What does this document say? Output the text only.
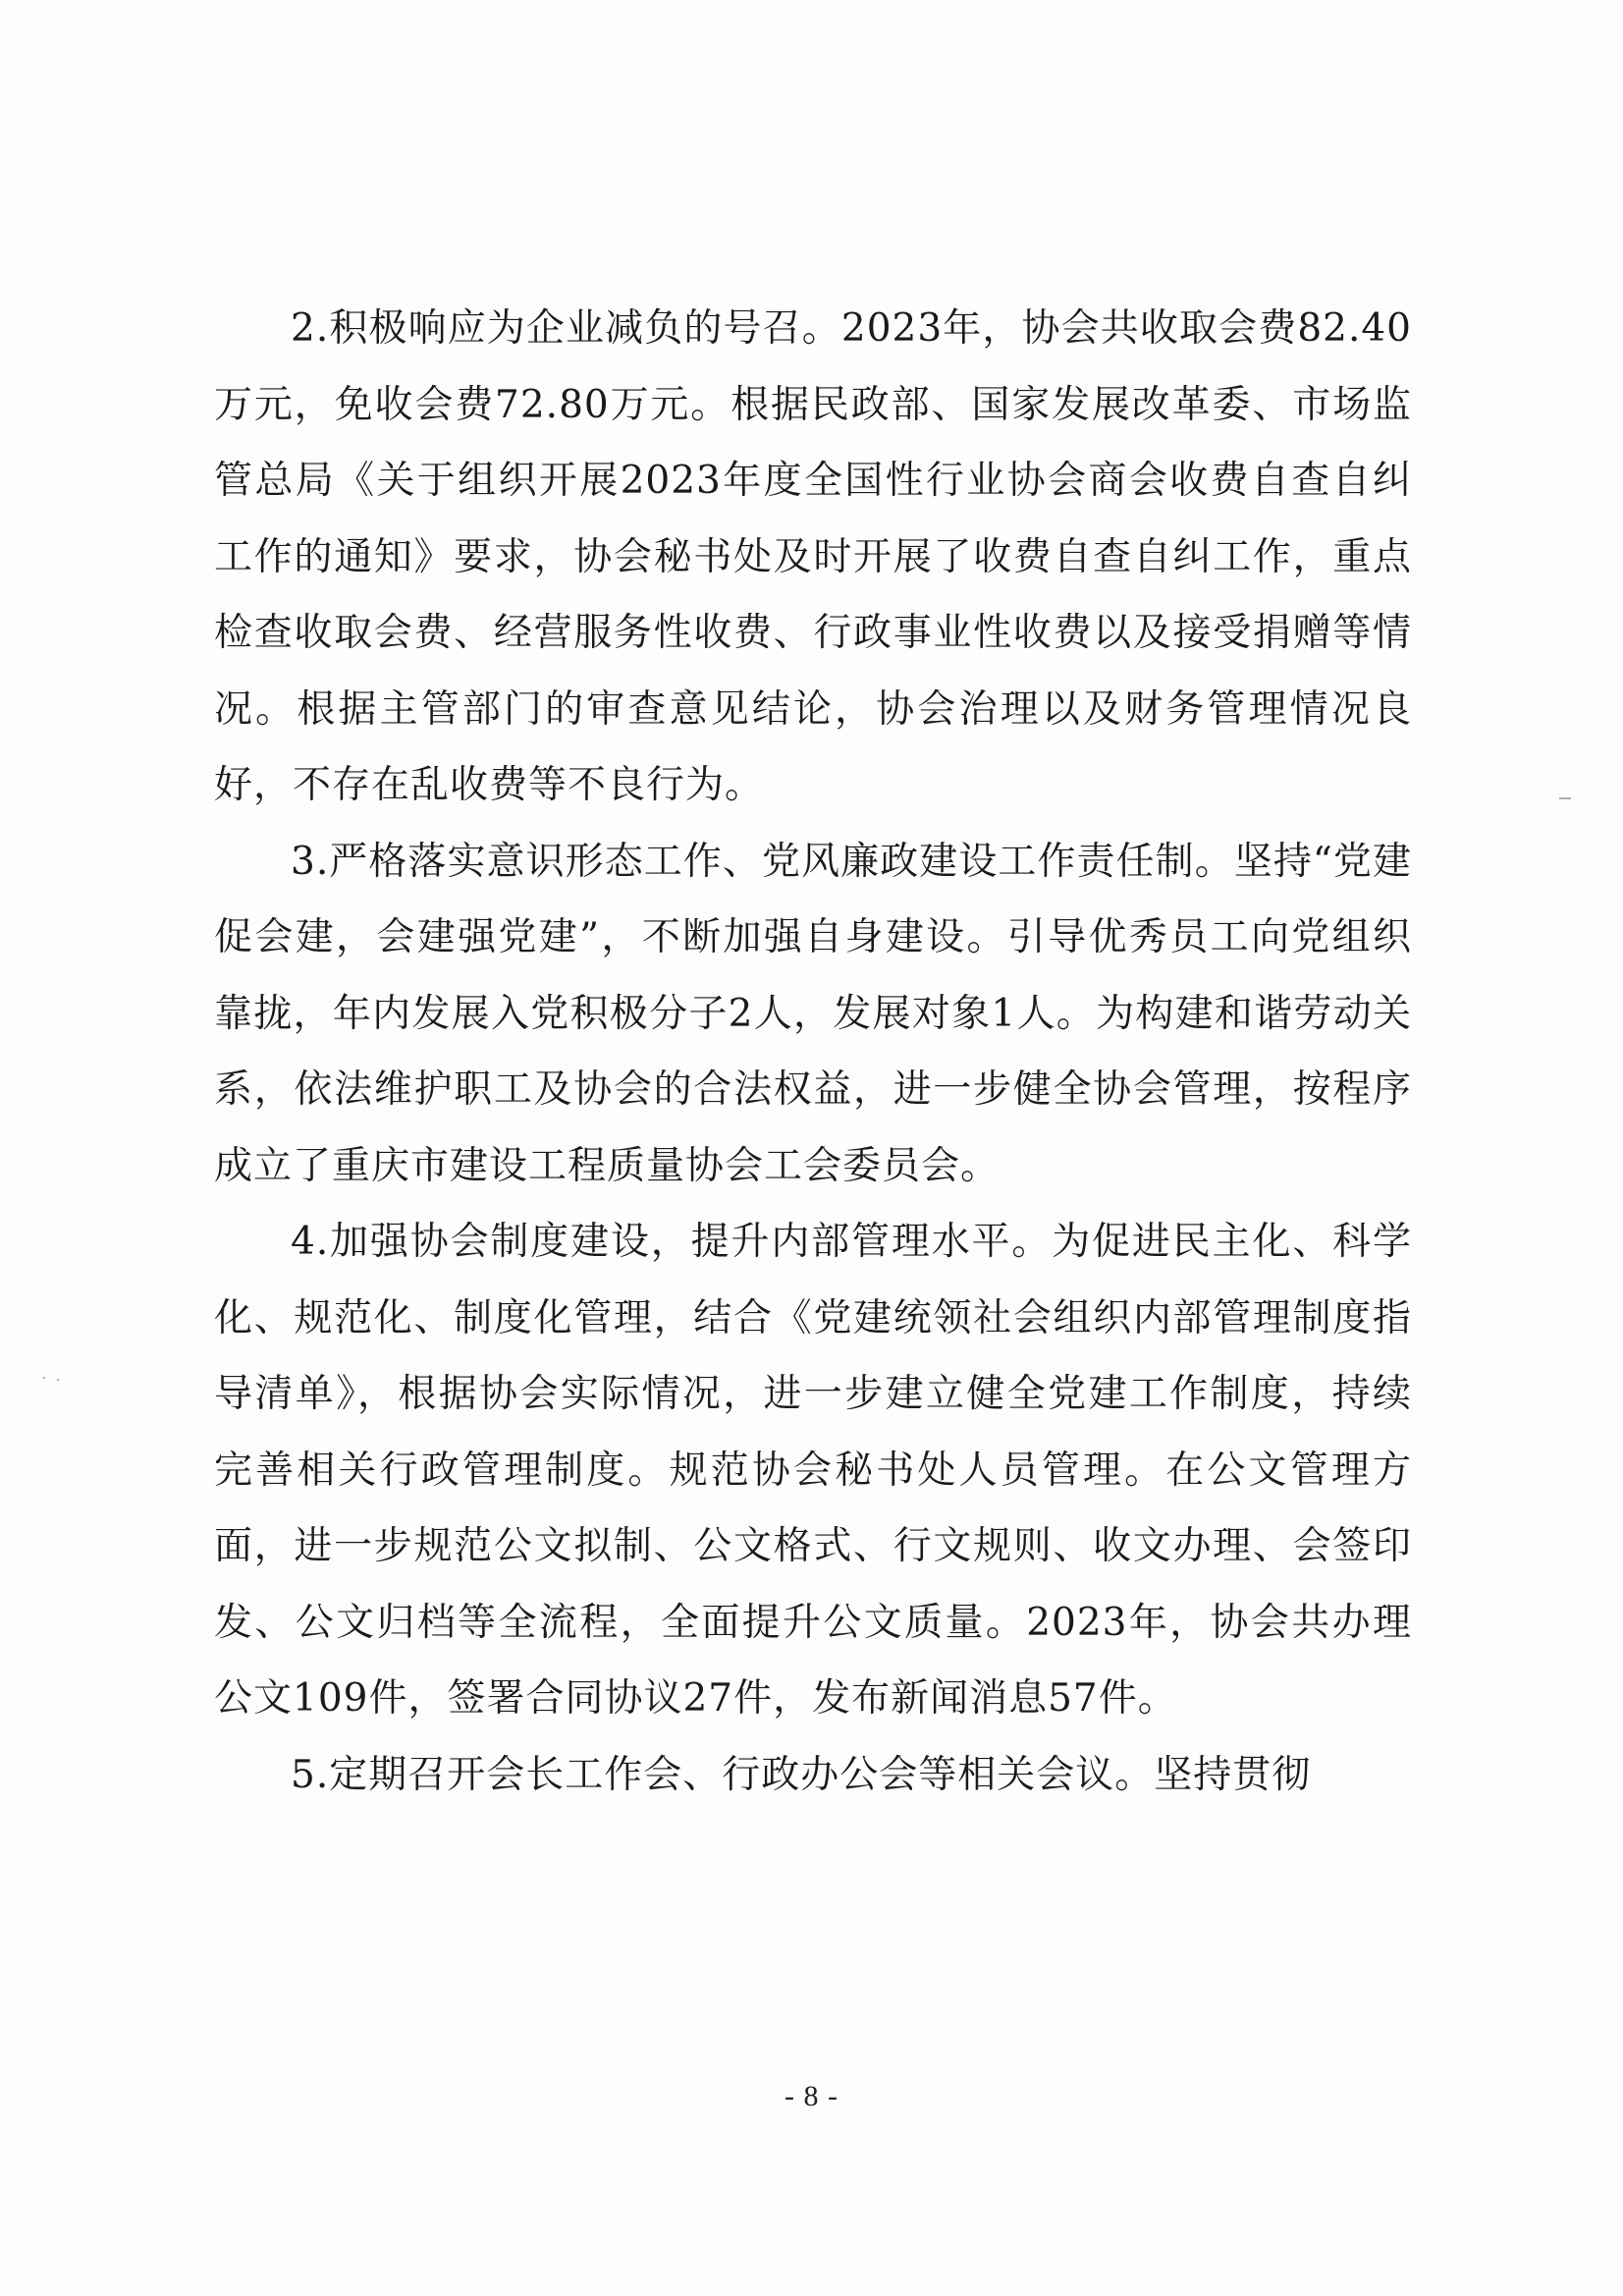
2.积极响应为企业减负的号召。2023年，协会共收取会费82.40万元，免收会费72.80万元。根据民政部、国家发展改革委、市场监管总局《关于组织开展2023年度全国性行业协会商会收费自查自纠工作的通知》要求，协会秘书处及时开展了收费自查自纠工作，重点检查收取会费、经营服务性收费、行政事业性收费以及接受捐赠等情况。根据主管部门的审查意见结论，协会治理以及财务管理情况良好，不存在乱收费等不良行为。

3.严格落实意识形态工作、党风廉政建设工作责任制。坚持“党建促会建，会建强党建”，不断加强自身建设。引导优秀员工向党组织靠拢，年内发展入党积极分子2人，发展对象1人。为构建和谐劳动关系，依法维护职工及协会的合法权益，进一步健全协会管理，按程序成立了重庆市建设工程质量协会工会委员会。

4.加强协会制度建设，提升内部管理水平。为促进民主化、科学化、规范化、制度化管理，结合《党建统领社会组织内部管理制度指导清单》，根据协会实际情况，进一步建立健全党建工作制度，持续完善相关行政管理制度。规范协会秘书处人员管理。在公文管理方面，进一步规范公文拟制、公文格式、行文规则、收文办理、会签印发、公文归档等全流程，全面提升公文质量。2023年，协会共办理公文109件，签署合同协议27件，发布新闻消息57件。

5.定期召开会长工作会、行政办公会等相关会议。坚持贯彻

- 8 -
